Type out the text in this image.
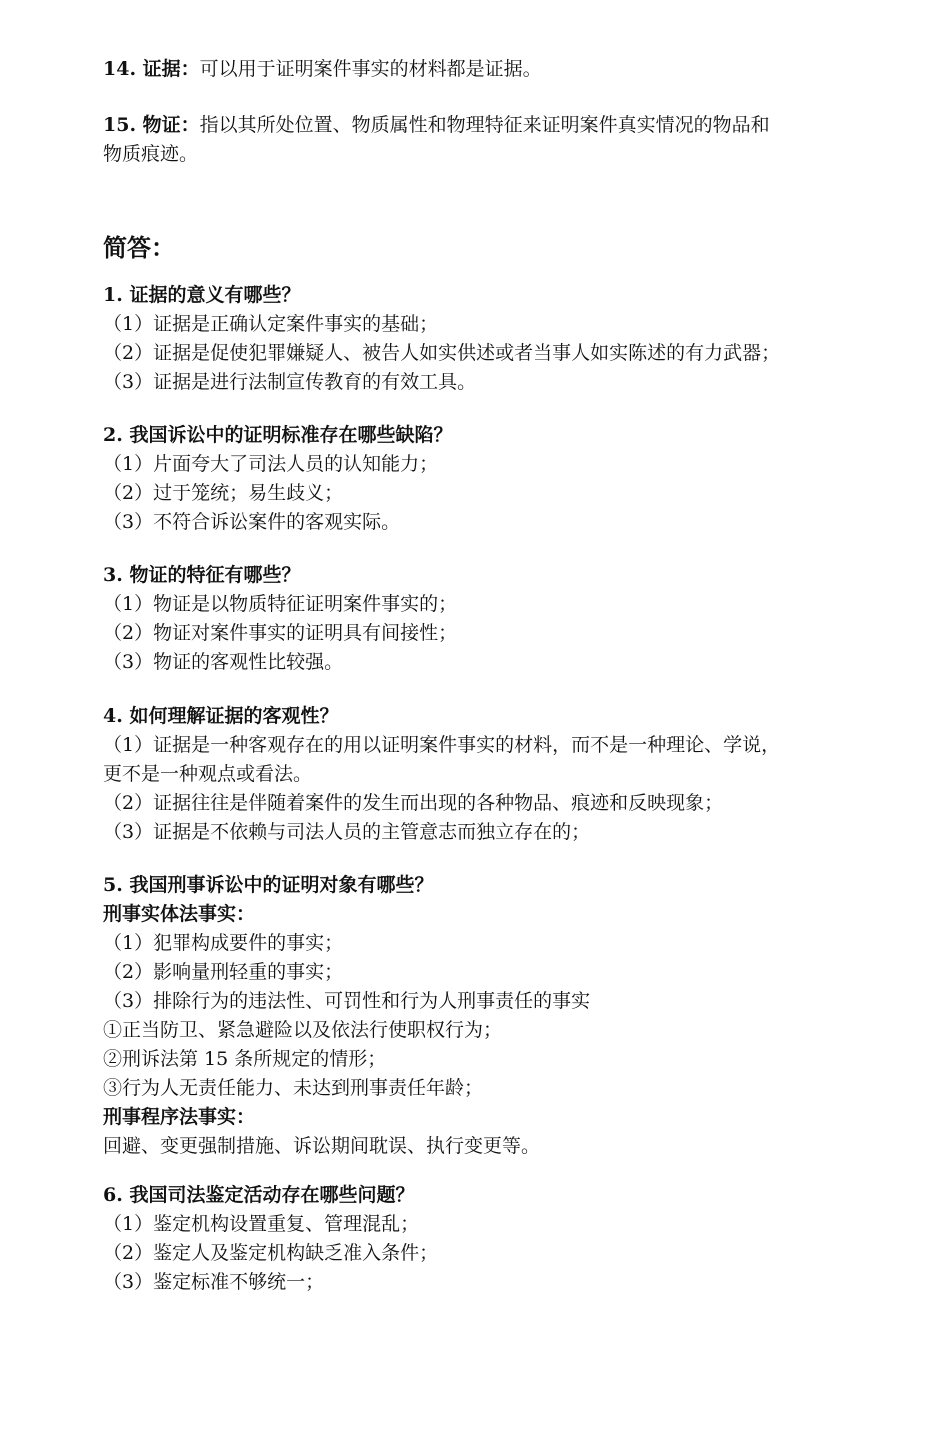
14. 证据：可以用于证明案件事实的材料都是证据。
15. 物证：指以其所处位置、物质属性和物理特征来证明案件真实情况的物品和
物质痕迹。
简答：
1. 证据的意义有哪些？
（1）证据是正确认定案件事实的基础；
（2）证据是促使犯罪嫌疑人、被告人如实供述或者当事人如实陈述的有力武器；
（3）证据是进行法制宣传教育的有效工具。
2. 我国诉讼中的证明标准存在哪些缺陷？
（1）片面夸大了司法人员的认知能力；
（2）过于笼统；易生歧义；
（3）不符合诉讼案件的客观实际。
3. 物证的特征有哪些？
（1）物证是以物质特征证明案件事实的；
（2）物证对案件事实的证明具有间接性；
（3）物证的客观性比较强。
4. 如何理解证据的客观性？
（1）证据是一种客观存在的用以证明案件事实的材料，而不是一种理论、学说，
更不是一种观点或看法。
（2）证据往往是伴随着案件的发生而出现的各种物品、痕迹和反映现象；
（3）证据是不依赖与司法人员的主管意志而独立存在的；
5. 我国刑事诉讼中的证明对象有哪些？
刑事实体法事实：
（1）犯罪构成要件的事实；
（2）影响量刑轻重的事实；
（3）排除行为的违法性、可罚性和行为人刑事责任的事实
①正当防卫、紧急避险以及依法行使职权行为；
②刑诉法第 15 条所规定的情形；
③行为人无责任能力、未达到刑事责任年龄；
刑事程序法事实：
回避、变更强制措施、诉讼期间耽误、执行变更等。
6. 我国司法鉴定活动存在哪些问题？
（1）鉴定机构设置重复、管理混乱；
（2）鉴定人及鉴定机构缺乏准入条件；
（3）鉴定标准不够统一；
